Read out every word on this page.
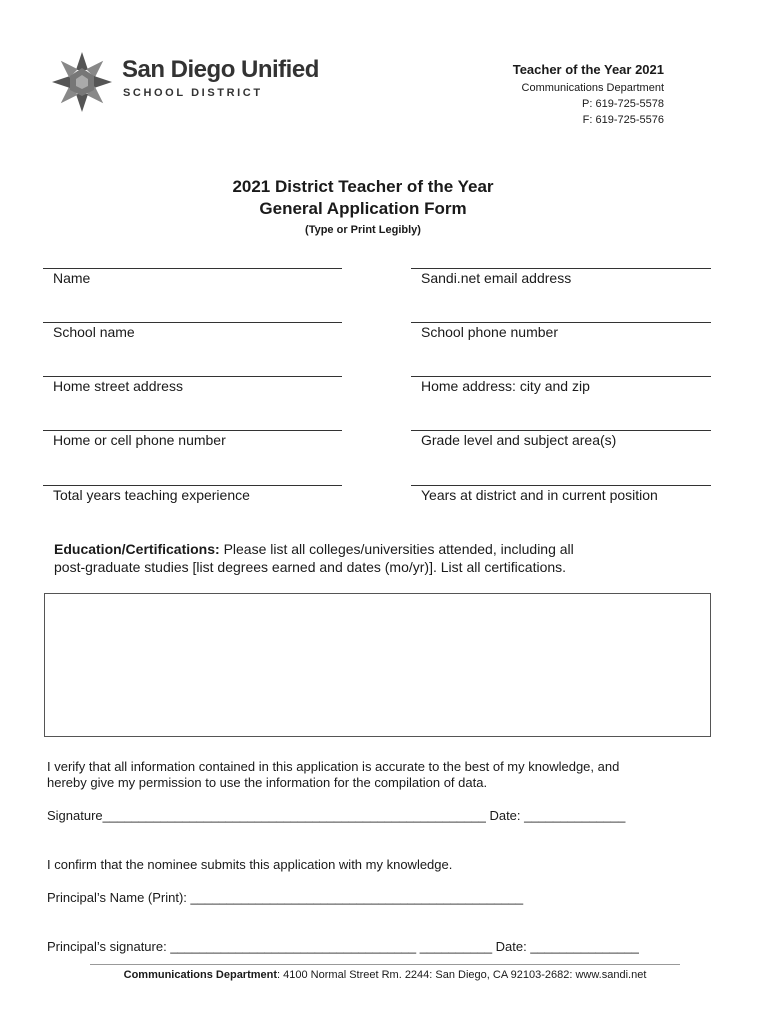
San Diego Unified
SCHOOL DISTRICT
Teacher of the Year 2021
Communications Department
P: 619-725-5578
F: 619-725-5576
2021 District Teacher of the Year
General Application Form
(Type or Print Legibly)
Name
School name
Home street address
Home or cell phone number
Total years teaching experience
Sandi.net email address
School phone number
Home address: city and zip
Grade level and subject area(s)
Years at district and in current position
Education/Certifications: Please list all colleges/universities attended, including all
post-graduate studies [list degrees earned and dates (mo/yr)]. List all certifications.
I verify that all information contained in this application is accurate to the best of my knowledge, and
hereby give my permission to use the information for the compilation of data.
Signature_____________________________________________________ Date: ______________
I confirm that the nominee submits this application with my knowledge.
Principal’s Name (Print): ______________________________________________
Principal’s signature: __________________________________ __________ Date: _______________
Communications Department: 4100 Normal Street Rm. 2244: San Diego, CA 92103-2682: www.sandi.net
